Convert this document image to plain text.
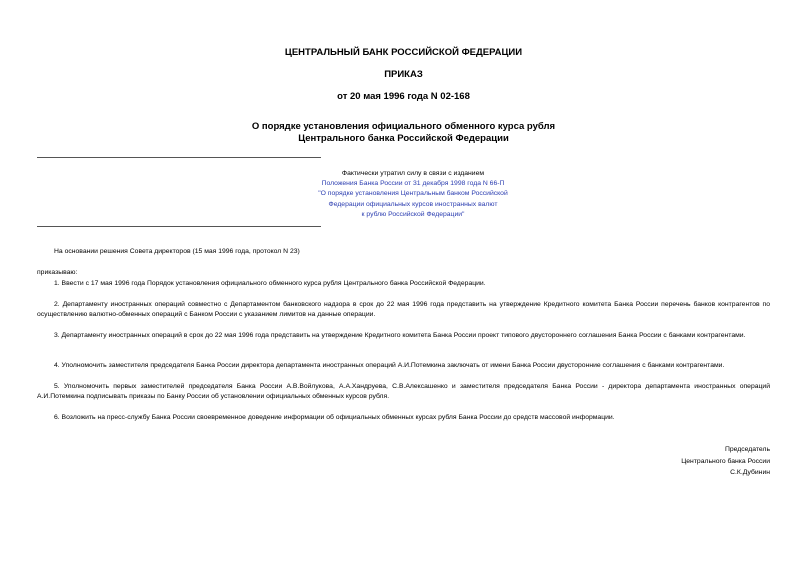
ЦЕНТРАЛЬНЫЙ БАНК РОССИЙСКОЙ ФЕДЕРАЦИИ
ПРИКАЗ
от 20 мая 1996 года N 02-168
О порядке установления официального обменного курса рубля
Центрального банка Российской Федерации
Фактически утратил силу в связи с изданием
Положения Банка России от 31 декабря 1998 года N 66-П
"О порядке установления Центральным банком Российской
Федерации официальных курсов иностранных валют
к рублю Российской Федерации"
На основании решения Совета директоров (15 мая 1996 года, протокол N 23)
приказываю:
1. Ввести с 17 мая 1996 года Порядок установления официального обменного курса рубля Центрального банка Российской Федерации.
2. Департаменту иностранных операций совместно с Департаментом банковского надзора в срок до 22 мая 1996 года представить на утверждение Кредитного комитета Банка России перечень банков контрагентов по осуществлению валютно-обменных операций с Банком России с указанием лимитов на данные операции.
3. Департаменту иностранных операций в срок до 22 мая 1996 года представить на утверждение Кредитного комитета Банка России проект типового двустороннего соглашения Банка России с банками контрагентами.
4. Уполномочить заместителя председателя Банка России директора департамента иностранных операций А.И.Потемкина заключать от имени Банка России двусторонние соглашения с банками контрагентами.
5. Уполномочить первых заместителей председателя Банка России А.В.Войлукова, А.А.Хандруева, С.В.Алексашенко и заместителя председателя Банка России - директора департамента иностранных операций А.И.Потемкина подписывать приказы по Банку России об установлении официальных обменных курсов рубля.
6. Возложить на пресс-службу Банка России своевременное доведение информации об официальных обменных курсах рубля Банка России до средств массовой информации.
Председатель
Центрального банка России
С.К.Дубинин
